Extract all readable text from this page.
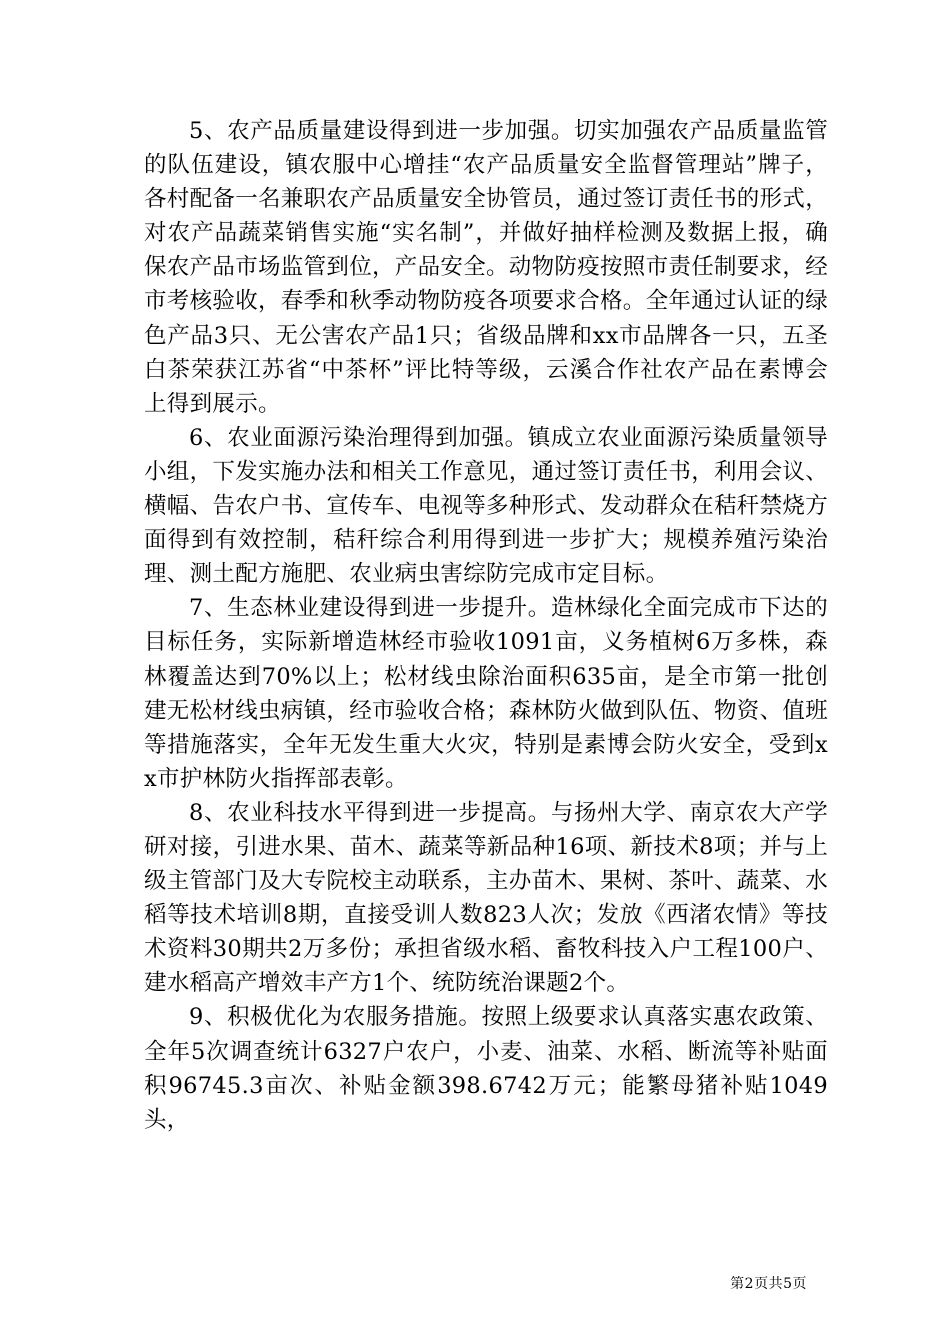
5、农产品质量建设得到进一步加强。切实加强农产品质量监管的队伍建设，镇农服中心增挂“农产品质量安全监督管理站”牌子，各村配备一名兼职农产品质量安全协管员，通过签订责任书的形式，对农产品蔬菜销售实施“实名制”，并做好抽样检测及数据上报，确保农产品市场监管到位，产品安全。动物防疫按照市责任制要求，经市考核验收，春季和秋季动物防疫各项要求合格。全年通过认证的绿色产品3只、无公害农产品1只；省级品牌和xx市品牌各一只，五圣白茶荣获江苏省“中茶杯”评比特等级，云溪合作社农产品在素博会上得到展示。

6、农业面源污染治理得到加强。镇成立农业面源污染质量领导小组，下发实施办法和相关工作意见，通过签订责任书，利用会议、横幅、告农户书、宣传车、电视等多种形式、发动群众在秸秆禁烧方面得到有效控制，秸秆综合利用得到进一步扩大；规模养殖污染治理、测土配方施肥、农业病虫害综防完成市定目标。

7、生态林业建设得到进一步提升。造林绿化全面完成市下达的目标任务，实际新增造林经市验收1091亩，义务植树6万多株，森林覆盖达到70%以上；松材线虫除治面积635亩，是全市第一批创建无松材线虫病镇，经市验收合格；森林防火做到队伍、物资、值班等措施落实，全年无发生重大火灾，特别是素博会防火安全，受到xx市护林防火指挥部表彰。

8、农业科技水平得到进一步提高。与扬州大学、南京农大产学研对接，引进水果、苗木、蔬菜等新品种16项、新技术8项；并与上级主管部门及大专院校主动联系，主办苗木、果树、茶叶、蔬菜、水稻等技术培训8期，直接受训人数823人次；发放《西渚农情》等技术资料30期共2万多份；承担省级水稻、畜牧科技入户工程100户、建水稻高产增效丰产方1个、统防统治课题2个。

9、积极优化为农服务措施。按照上级要求认真落实惠农政策、全年5次调查统计6327户农户，小麦、油菜、水稻、断流等补贴面积96745.3亩次、补贴金额398.6742万元；能繁母猪补贴1049头，

第2页共5页
